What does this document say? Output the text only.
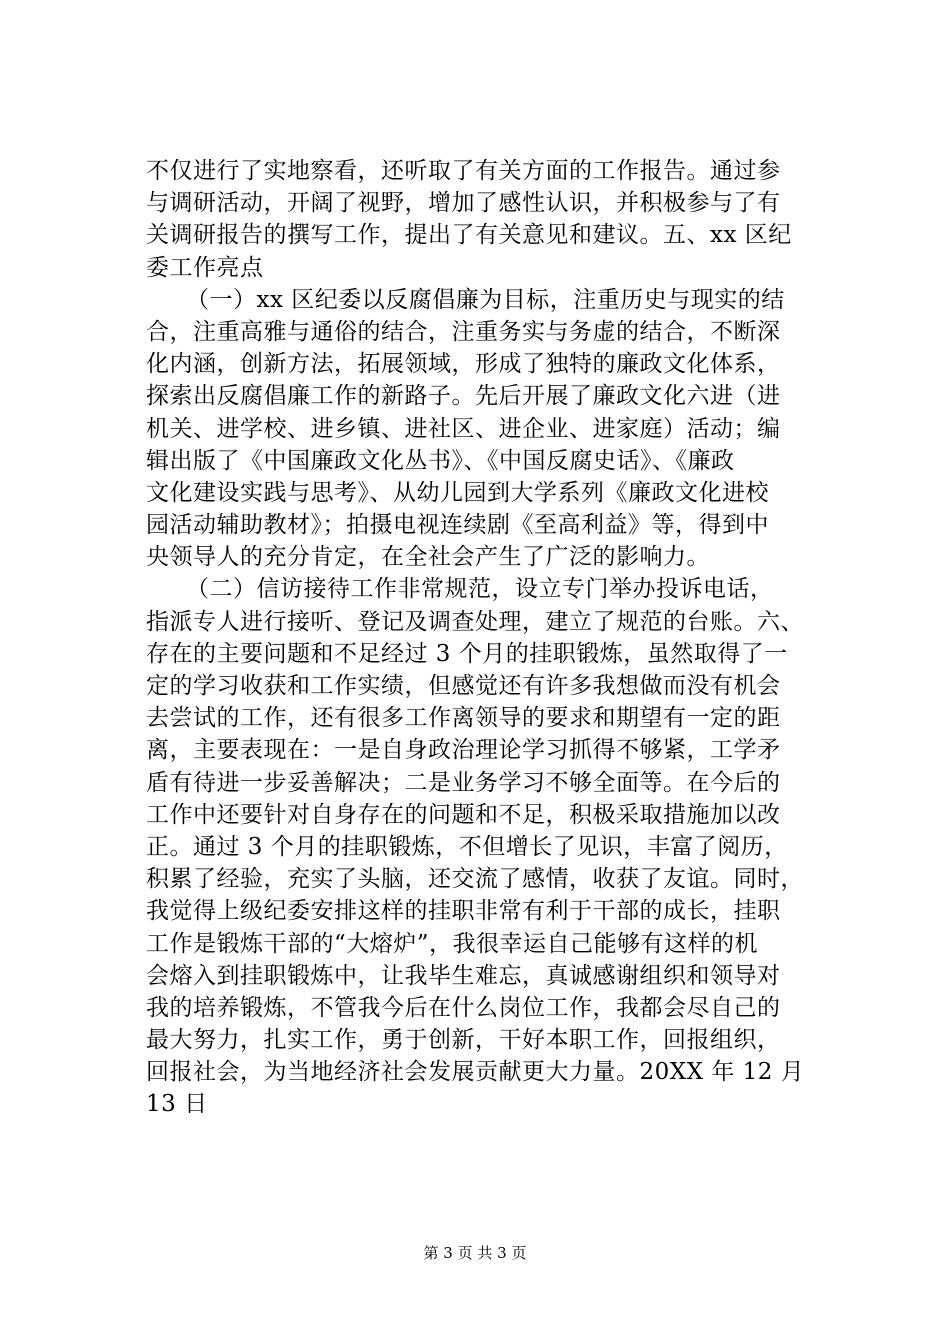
不仅进行了实地察看，还听取了有关方面的工作报告。通过参
与调研活动，开阔了视野，增加了感性认识，并积极参与了有
关调研报告的撰写工作，提出了有关意见和建议。五、xx 区纪
委工作亮点
（一）xx 区纪委以反腐倡廉为目标，注重历史与现实的结
合，注重高雅与通俗的结合，注重务实与务虚的结合，不断深
化内涵，创新方法，拓展领域，形成了独特的廉政文化体系，
探索出反腐倡廉工作的新路子。先后开展了廉政文化六进（进
机关、进学校、进乡镇、进社区、进企业、进家庭）活动；编
辑出版了《中国廉政文化丛书》、《中国反腐史话》、《廉政
文化建设实践与思考》、从幼儿园到大学系列《廉政文化进校
园活动辅助教材》；拍摄电视连续剧《至高利益》等，得到中
央领导人的充分肯定，在全社会产生了广泛的影响力。
（二）信访接待工作非常规范，设立专门举办投诉电话，
指派专人进行接听、登记及调查处理，建立了规范的台账。六、
存在的主要问题和不足经过 3 个月的挂职锻炼，虽然取得了一
定的学习收获和工作实绩，但感觉还有许多我想做而没有机会
去尝试的工作，还有很多工作离领导的要求和期望有一定的距
离，主要表现在：一是自身政治理论学习抓得不够紧，工学矛
盾有待进一步妥善解决；二是业务学习不够全面等。在今后的
工作中还要针对自身存在的问题和不足，积极采取措施加以改
正。通过 3 个月的挂职锻炼，不但增长了见识，丰富了阅历，
积累了经验，充实了头脑，还交流了感情，收获了友谊。同时，
我觉得上级纪委安排这样的挂职非常有利于干部的成长，挂职
工作是锻炼干部的“大熔炉”，我很幸运自己能够有这样的机
会熔入到挂职锻炼中，让我毕生难忘，真诚感谢组织和领导对
我的培养锻炼，不管我今后在什么岗位工作，我都会尽自己的
最大努力，扎实工作，勇于创新，干好本职工作，回报组织，
回报社会，为当地经济社会发展贡献更大力量。20XX 年 12 月
13 日
第 3 页 共 3 页
